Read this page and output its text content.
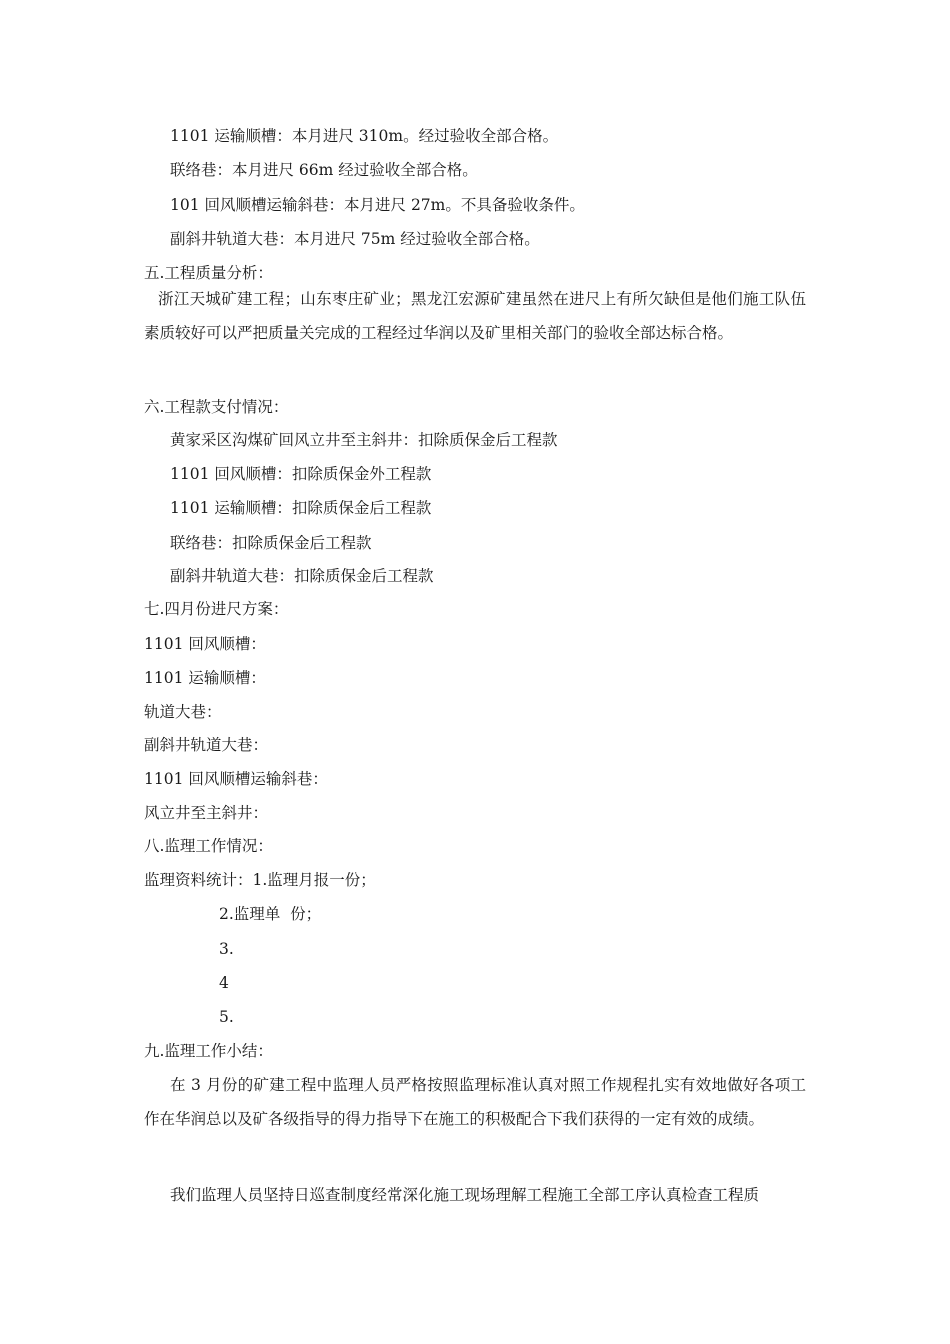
1101 运输顺槽：本月进尺 310m。经过验收全部合格。
联络巷：本月进尺 66m 经过验收全部合格。
101 回风顺槽运输斜巷：本月进尺 27m。不具备验收条件。
副斜井轨道大巷：本月进尺 75m 经过验收全部合格。
五.工程质量分析：
浙江天城矿建工程；山东枣庄矿业；黑龙江宏源矿建虽然在进尺上有所欠缺但是他们施工队伍素质较好可以严把质量关完成的工程经过华润以及矿里相关部门的验收全部达标合格。
六.工程款支付情况：
黄家采区沟煤矿回风立井至主斜井：扣除质保金后工程款
1101 回风顺槽：扣除质保金外工程款
1101 运输顺槽：扣除质保金后工程款
联络巷：扣除质保金后工程款
副斜井轨道大巷：扣除质保金后工程款
七.四月份进尺方案：
1101 回风顺槽：
1101 运输顺槽：
轨道大巷：
副斜井轨道大巷：
1101 回风顺槽运输斜巷：
风立井至主斜井：
八.监理工作情况：
监理资料统计：1.监理月报一份；
2.监理单  份；
3.
4
5.
九.监理工作小结：
在 3 月份的矿建工程中监理人员严格按照监理标准认真对照工作规程扎实有效地做好各项工作在华润总以及矿各级指导的得力指导下在施工的积极配合下我们获得的一定有效的成绩。
我们监理人员坚持日巡查制度经常深化施工现场理解工程施工全部工序认真检查工程质
